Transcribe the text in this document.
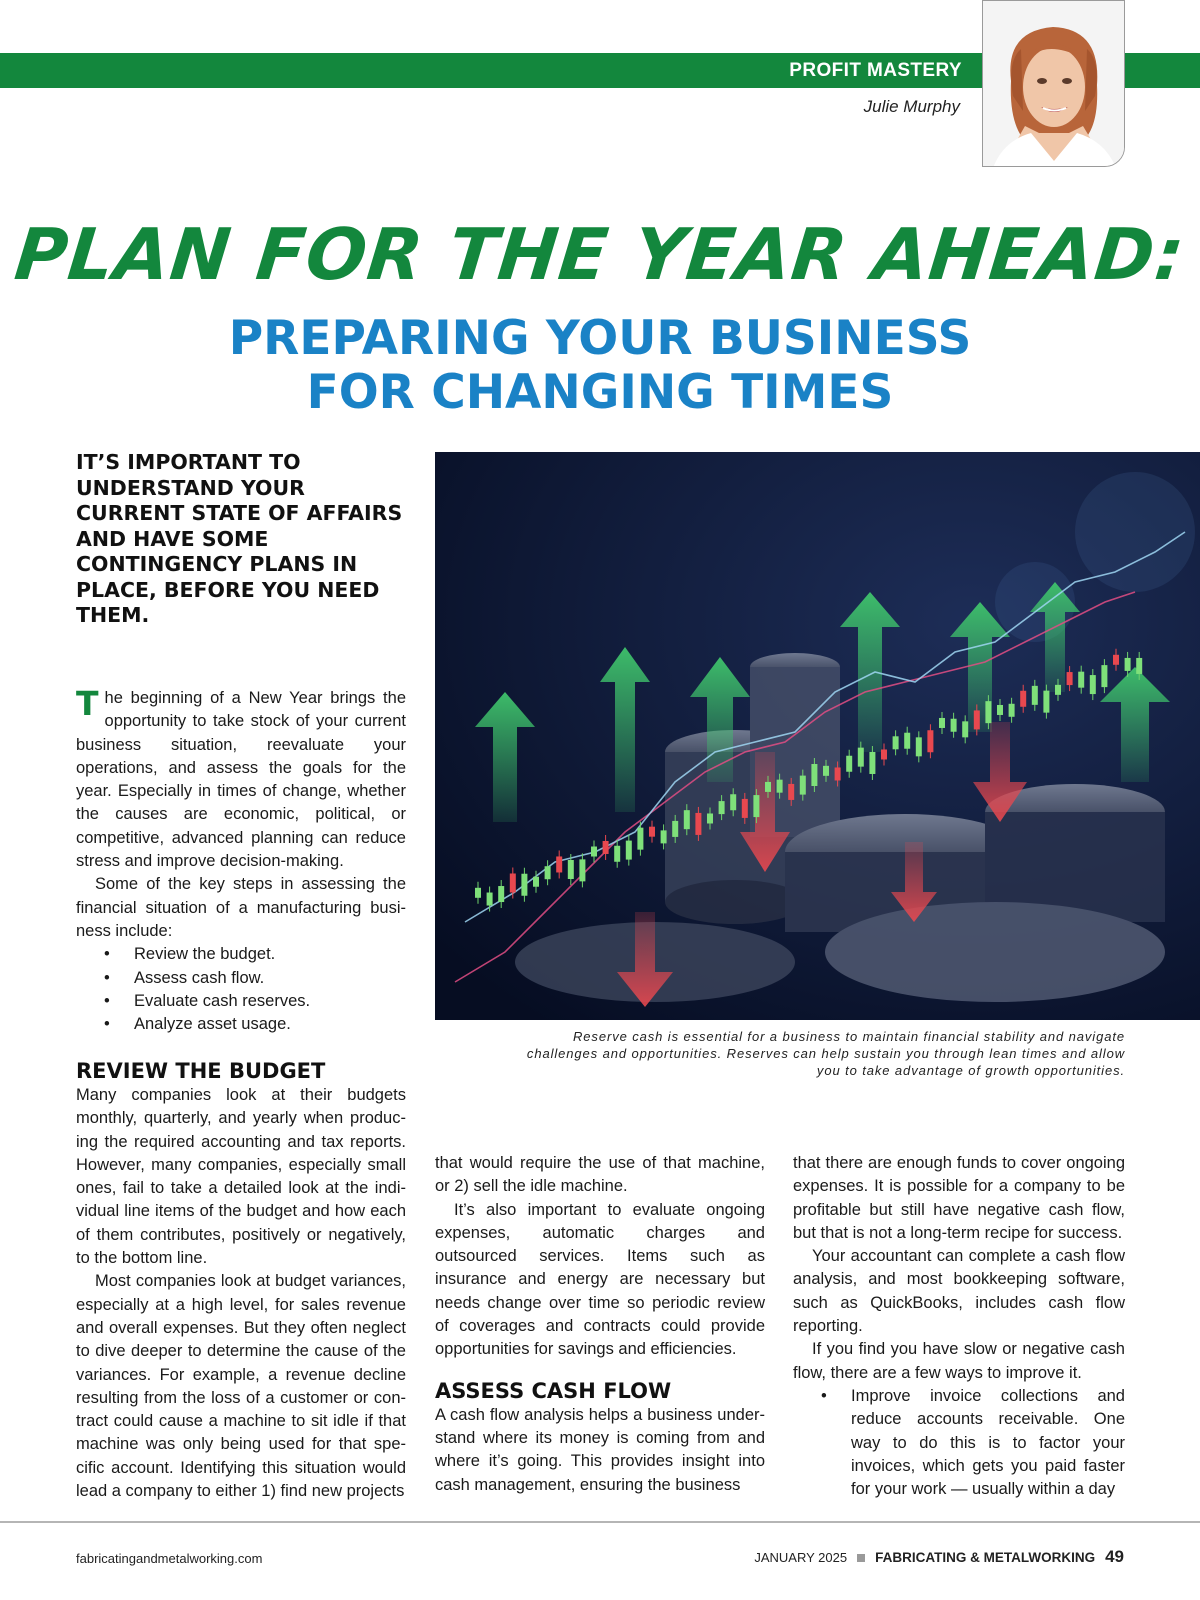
PROFIT MASTERY
Julie Murphy
PLAN FOR THE YEAR AHEAD:
PREPARING YOUR BUSINESS
FOR CHANGING TIMES
IT’S IMPORTANT TO UNDERSTAND YOUR CURRENT STATE OF AFFAIRS AND HAVE SOME CONTINGENCY PLANS IN PLACE, BEFORE YOU NEED THEM.
Reserve cash is essential for a business to maintain financial stability and navigate challenges and opportunities. Reserves can help sustain you through lean times and allow you to take advantage of growth opportunities.

The beginning of a New Year brings the opportunity to take stock of your current business situation, reevaluate your operations, and assess the goals for the year. Especially in times of change, whether the causes are economic, political, or competitive, advanced planning can reduce stress and improve decision-making.

Some of the key steps in assessing the financial situation of a manufacturing business include:

• Review the budget.
• Assess cash flow.
• Evaluate cash reserves.
• Analyze asset usage.
REVIEW THE BUDGET

Many companies look at their budgets monthly, quarterly, and yearly when producing the required accounting and tax reports. However, many companies, especially small ones, fail to take a detailed look at the individual line items of the budget and how each of them contributes, positively or negatively, to the bottom line.

Most companies look at budget variances, especially at a high level, for sales revenue and overall expenses. But they often neglect to dive deeper to determine the cause of the variances. For example, a revenue decline resulting from the loss of a customer or contract could cause a machine to sit idle if that machine was only being used for that specific account. Identifying this situation would lead a company to either 1) find new projects

that would require the use of that machine, or 2) sell the idle machine.

It’s also important to evaluate ongoing expenses, automatic charges and outsourced services. Items such as insurance and energy are necessary but needs change over time so periodic review of coverages and contracts could provide opportunities for savings and efficiencies.

ASSESS CASH FLOW

A cash flow analysis helps a business understand where its money is coming from and where it’s going. This provides insight into cash management, ensuring the business

that there are enough funds to cover ongoing expenses. It is possible for a company to be profitable but still have negative cash flow, but that is not a long-term recipe for success.

Your accountant can complete a cash flow analysis, and most bookkeeping software, such as QuickBooks, includes cash flow reporting.

If you find you have slow or negative cash flow, there are a few ways to improve it.

• Improve invoice collections and reduce accounts receivable. One way to do this is to factor your invoices, which gets you paid faster for your work — usually within a day
fabricatingandmetalworking.com	JANUARY 2025 FABRICATING & METALWORKING 49
